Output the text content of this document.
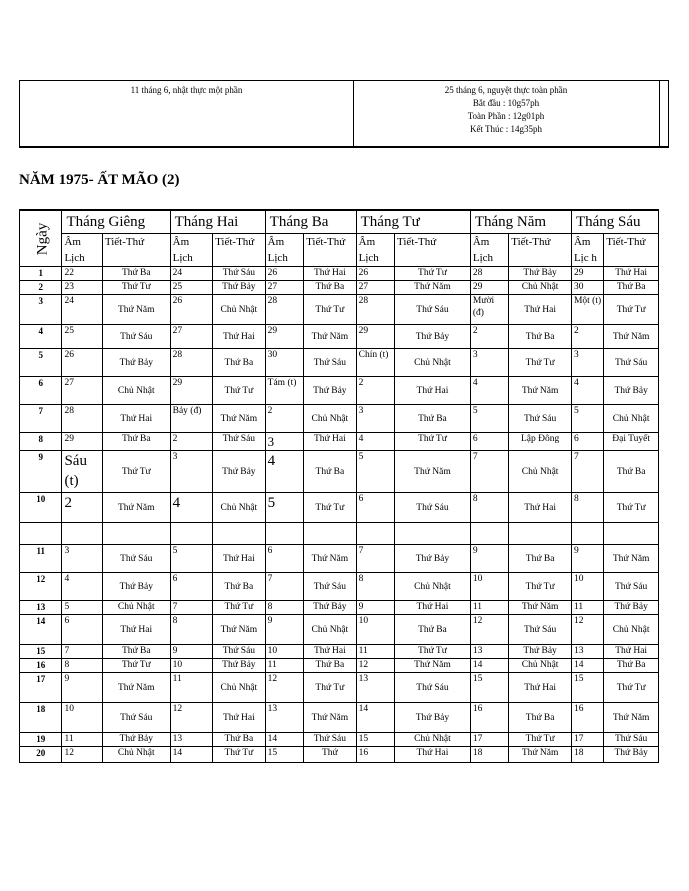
11 tháng 6, nhật thực một phần	25 tháng 6, nguyệt thực toàn phần
Bắt đầu : 10g57ph
Toàn Phần : 12g01ph
Kết Thúc : 14g35ph
NĂM 1975- ẤT MÃO (2)
Ngày	Tháng Giêng		Tháng Hai		Tháng Ba		Tháng Tư		Tháng Năm		Tháng Sáu	
	Âm Lịch	Tiết-Thứ	Âm Lịch	Tiết-Thứ	Âm Lịch	Tiết-Thứ	Âm Lịch	Tiết-Thứ	Âm Lịch	Tiết-Thứ	Âm Lịc h	Tiết-Thứ

1	22	Thứ Ba	24	Thứ Sáu	26	Thứ Hai	26	Thứ Tư	28	Thứ Bảy	29	Thứ Hai
2	23	Thứ Tư	25	Thứ Bảy	27	Thứ Ba	27	Thứ Năm	29	Chủ Nhật	30	Thứ Ba
3	24	Thứ Năm	26	Chủ Nhật	28	Thứ Tư	28	Thứ Sáu	Mười (đ)	Thứ Hai	Một (t)	Thứ Tư
4	25	Thứ Sáu	27	Thứ Hai	29	Thứ Năm	29	Thứ Bảy	2	Thứ Ba	2	Thứ Năm
5	26	Thứ Bảy	28	Thứ Ba	30	Thứ Sáu	Chín (t)	Chủ Nhật	3	Thứ Tư	3	Thứ Sáu
6	27	Chủ Nhật	29	Thứ Tư	Tám (t)	Thứ Bảy	2	Thứ Hai	4	Thứ Năm	4	Thứ Bảy
7	28	Thứ Hai	Bảy (đ)	Thứ Năm	2	Chủ Nhật	3	Thứ Ba	5	Thứ Sáu	5	Chủ Nhật
8	29	Thứ Ba	2	Thứ Sáu	3	Thứ Hai	4	Thứ Tư	6	Lập Đông	6	Đại Tuyết
9	Sáu (t)	Thứ Tư	3	Thứ Bảy	4	Thứ Ba	5	Thứ Năm	7	Chủ Nhật	7	Thứ Ba
10	2	Thứ Năm	4	Chủ Nhật	5	Thứ Tư	6	Thứ Sáu	8	Thứ Hai	8	Thứ Tư

11	3	Thứ Sáu	5	Thứ Hai	6	Thứ Năm	7	Thứ Bảy	9	Thứ Ba	9	Thứ Năm
12	4	Thứ Bảy	6	Thứ Ba	7	Thứ Sáu	8	Chủ Nhật	10	Thứ Tư	10	Thứ Sáu
13	5	Chủ Nhật	7	Thứ Tư	8	Thứ Bảy	9	Thứ Hai	11	Thứ Năm	11	Thứ Bảy
14	6	Thứ Hai	8	Thứ Năm	9	Chủ Nhật	10	Thứ Ba	12	Thứ Sáu	12	Chủ Nhật
15	7	Thứ Ba	9	Thứ Sáu	10	Thứ Hai	11	Thứ Tư	13	Thứ Bảy	13	Thứ Hai
16	8	Thứ Tư	10	Thứ Bảy	11	Thứ Ba	12	Thứ Năm	14	Chủ Nhật	14	Thứ Ba
17	9	Thứ Năm	11	Chủ Nhật	12	Thứ Tư	13	Thứ Sáu	15	Thứ Hai	15	Thứ Tư
18	10	Thứ Sáu	12	Thứ Hai	13	Thứ Năm	14	Thứ Bảy	16	Thứ Ba	16	Thứ Năm
19	11	Thứ Bảy	13	Thứ Ba	14	Thứ Sáu	15	Chủ Nhật	17	Thứ Tư	17	Thứ Sáu
20	12	Chủ Nhật	14	Thứ Tư	15	Thứ	16	Thứ Hai	18	Thứ Năm	18	Thứ Bảy
